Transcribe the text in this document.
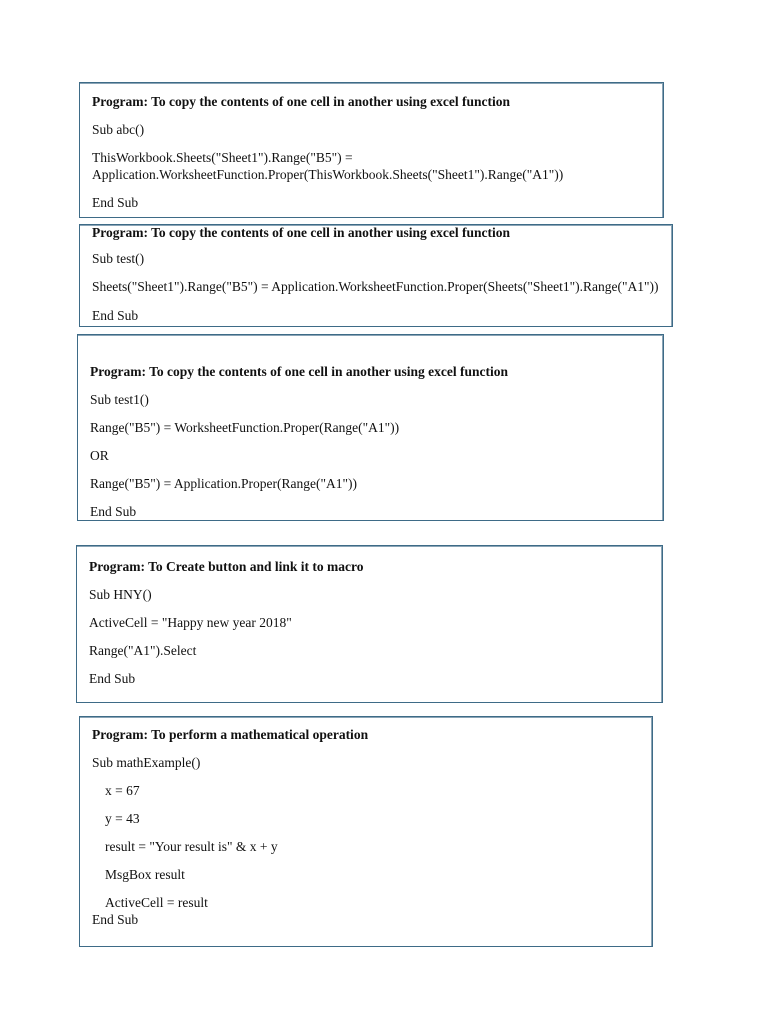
Program: To copy the contents of one cell in another using excel function
Sub abc()
ThisWorkbook.Sheets("Sheet1").Range("B5") =
Application.WorksheetFunction.Proper(ThisWorkbook.Sheets("Sheet1").Range("A1"))
End Sub
Program: To copy the contents of one cell in another using excel function
Sub test()
Sheets("Sheet1").Range("B5") = Application.WorksheetFunction.Proper(Sheets("Sheet1").Range("A1"))
End Sub
Program: To copy the contents of one cell in another using excel function
Sub test1()
Range("B5") = WorksheetFunction.Proper(Range("A1"))
OR
Range("B5") = Application.Proper(Range("A1"))
End Sub
Program: To Create button and link it to macro
Sub HNY()
ActiveCell = "Happy new year 2018"
Range("A1").Select
End Sub
Program: To perform a mathematical operation
Sub mathExample()
x = 67
y = 43
result = "Your result is" & x + y
MsgBox result
ActiveCell = result
End Sub
